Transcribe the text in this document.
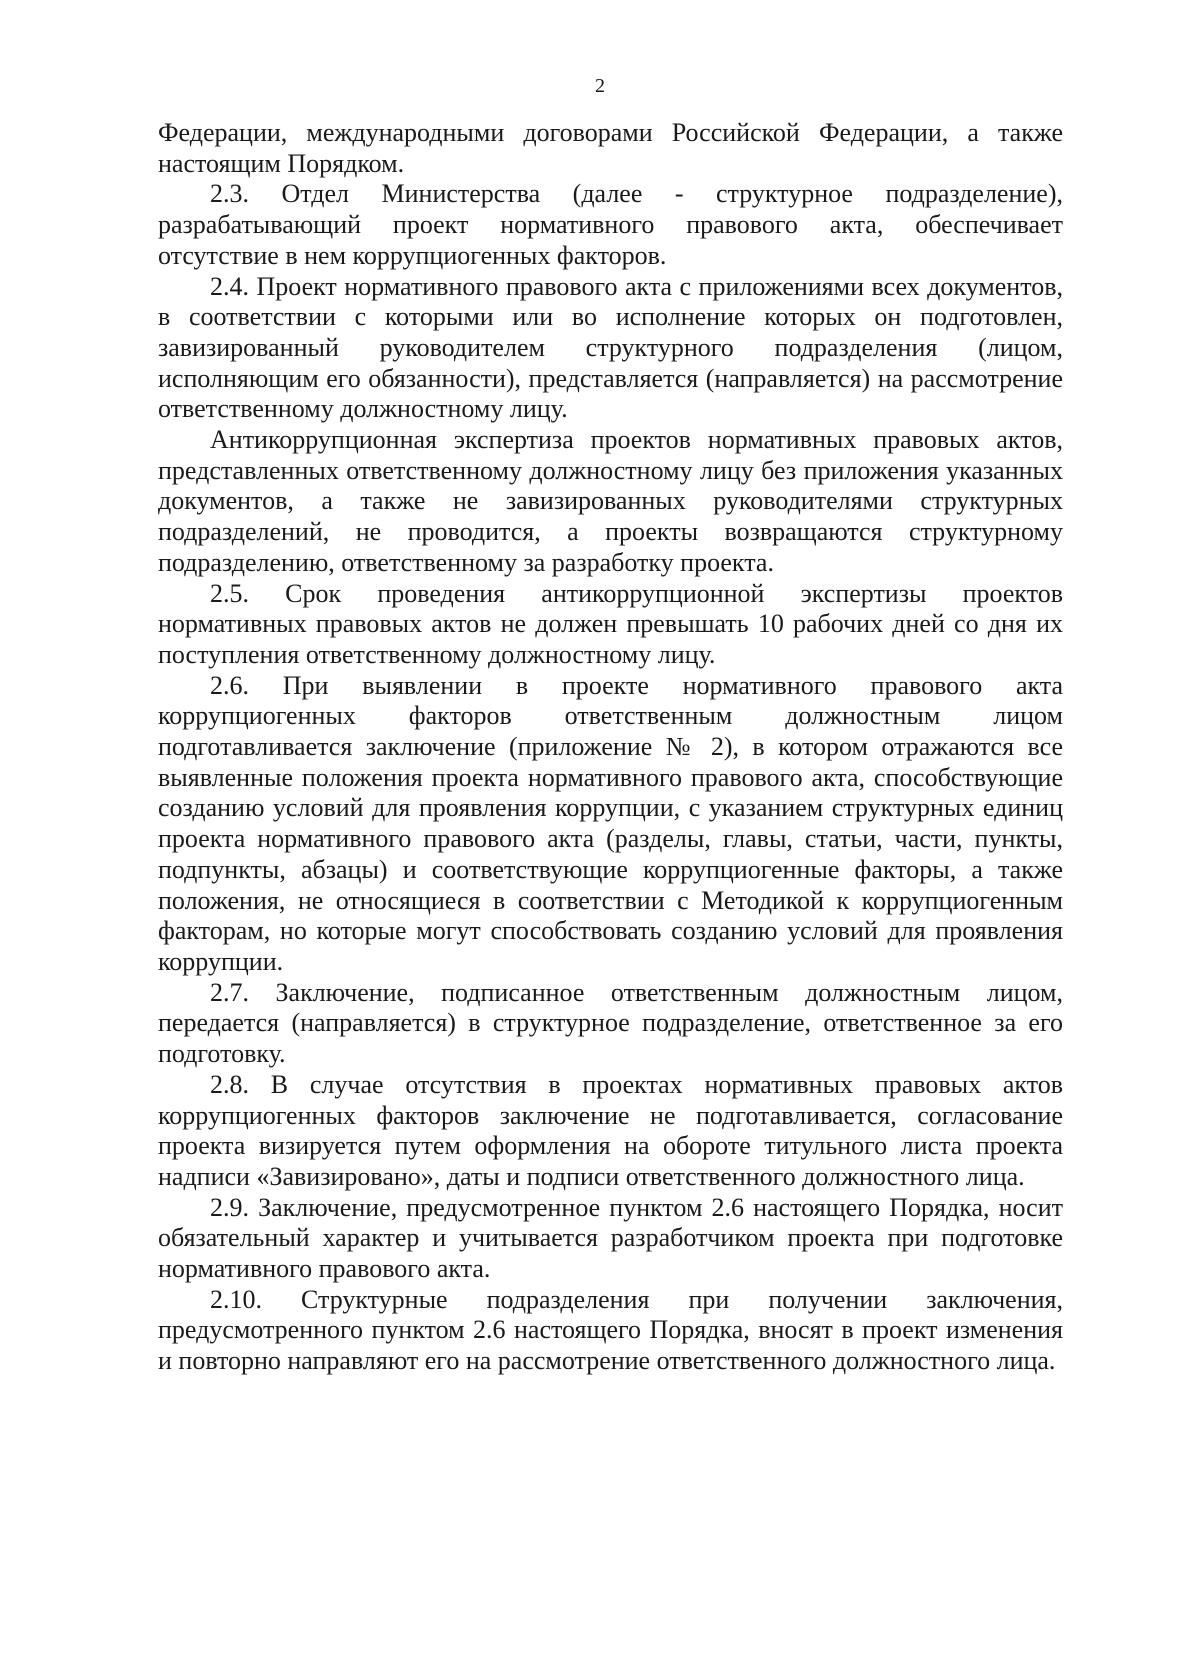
2

Федерации, международными договорами Российской Федерации, а также настоящим Порядком.

2.3. Отдел Министерства (далее - структурное подразделение), разрабатывающий проект нормативного правового акта, обеспечивает отсутствие в нем коррупциогенных факторов.

2.4. Проект нормативного правового акта с приложениями всех документов, в соответствии с которыми или во исполнение которых он подготовлен, завизированный руководителем структурного подразделения (лицом, исполняющим его обязанности), представляется (направляется) на рассмотрение ответственному должностному лицу.

Антикоррупционная экспертиза проектов нормативных правовых актов, представленных ответственному должностному лицу без приложения указанных документов, а также не завизированных руководителями структурных подразделений, не проводится, а проекты возвращаются структурному подразделению, ответственному за разработку проекта.

2.5. Срок проведения антикоррупционной экспертизы проектов нормативных правовых актов не должен превышать 10 рабочих дней со дня их поступления ответственному должностному лицу.

2.6. При выявлении в проекте нормативного правового акта коррупциогенных факторов ответственным должностным лицом подготавливается заключение (приложение № 2), в котором отражаются все выявленные положения проекта нормативного правового акта, способствующие созданию условий для проявления коррупции, с указанием структурных единиц проекта нормативного правового акта (разделы, главы, статьи, части, пункты, подпункты, абзацы) и соответствующие коррупциогенные факторы, а также положения, не относящиеся в соответствии с Методикой к коррупциогенным факторам, но которые могут способствовать созданию условий для проявления коррупции.

2.7. Заключение, подписанное ответственным должностным лицом, передается (направляется) в структурное подразделение, ответственное за его подготовку.

2.8. В случае отсутствия в проектах нормативных правовых актов коррупциогенных факторов заключение не подготавливается, согласование проекта визируется путем оформления на обороте титульного листа проекта надписи «Завизировано», даты и подписи ответственного должностного лица.

2.9. Заключение, предусмотренное пунктом 2.6 настоящего Порядка, носит обязательный характер и учитывается разработчиком проекта при подготовке нормативного правового акта.

2.10. Структурные подразделения при получении заключения, предусмотренного пунктом 2.6 настоящего Порядка, вносят в проект изменения и повторно направляют его на рассмотрение ответственного должностного лица.
